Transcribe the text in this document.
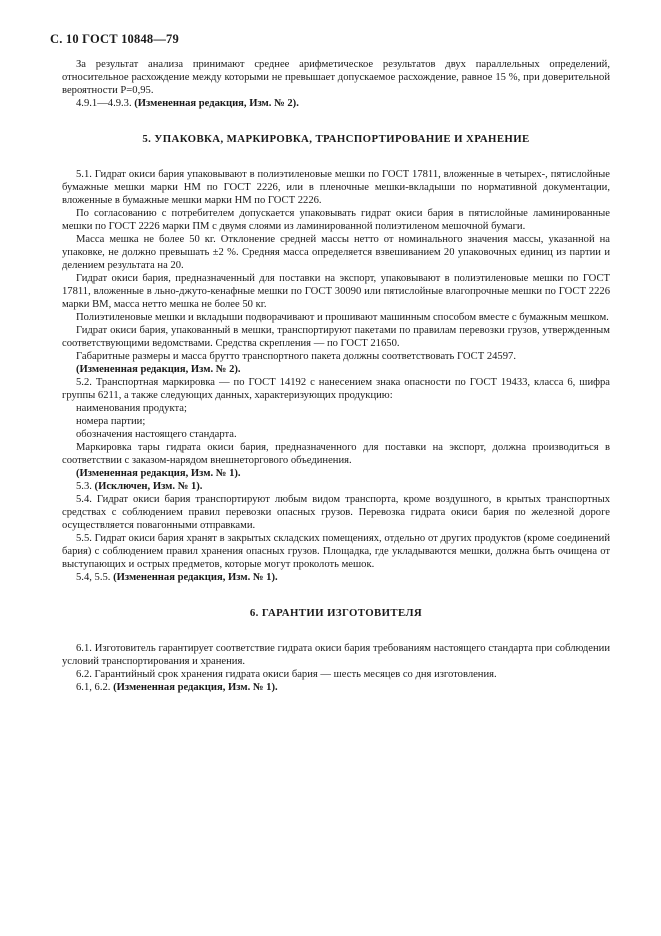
С. 10 ГОСТ 10848—79

За результат анализа принимают среднее арифметическое результатов двух параллельных определений, относительное расхождение между которыми не превышает допускаемое расхождение, равное 15 %, при доверительной вероятности P=0,95.

4.9.1—4.9.3. (Измененная редакция, Изм. № 2).

5. УПАКОВКА, МАРКИРОВКА, ТРАНСПОРТИРОВАНИЕ И ХРАНЕНИЕ

5.1. Гидрат окиси бария упаковывают в полиэтиленовые мешки по ГОСТ 17811, вложенные в четырех-, пятислойные бумажные мешки марки НМ по ГОСТ 2226, или в пленочные мешки-вкладыши по нормативной документации, вложенные в бумажные мешки марки НМ по ГОСТ 2226.

По согласованию с потребителем допускается упаковывать гидрат окиси бария в пятислойные ламинированные мешки по ГОСТ 2226 марки ПМ с двумя слоями из ламинированной полиэтиленом мешочной бумаги.

Масса мешка не более 50 кг. Отклонение средней массы нетто от номинального значения массы, указанной на упаковке, не должно превышать ±2 %. Средняя масса определяется взвешиванием 20 упаковочных единиц из партии и делением результата на 20.

Гидрат окиси бария, предназначенный для поставки на экспорт, упаковывают в полиэтиленовые мешки по ГОСТ 17811, вложенные в льно-джуто-кенафные мешки по ГОСТ 30090 или пятислойные влагопрочные мешки по ГОСТ 2226 марки ВМ, масса нетто мешка не более 50 кг.

Полиэтиленовые мешки и вкладыши подворачивают и прошивают машинным способом вместе с бумажным мешком.

Гидрат окиси бария, упакованный в мешки, транспортируют пакетами по правилам перевозки грузов, утвержденным соответствующими ведомствами. Средства скрепления — по ГОСТ 21650.

Габаритные размеры и масса брутто транспортного пакета должны соответствовать ГОСТ 24597.

(Измененная редакция, Изм. № 2).

5.2. Транспортная маркировка — по ГОСТ 14192 с нанесением знака опасности по ГОСТ 19433, класса 6, шифра группы 6211, а также следующих данных, характеризующих продукцию:

наименования продукта;

номера партии;

обозначения настоящего стандарта.

Маркировка тары гидрата окиси бария, предназначенного для поставки на экспорт, должна производиться в соответствии с заказом-нарядом внешнеторгового объединения.

(Измененная редакция, Изм. № 1).

5.3. (Исключен, Изм. № 1).

5.4. Гидрат окиси бария транспортируют любым видом транспорта, кроме воздушного, в крытых транспортных средствах с соблюдением правил перевозки опасных грузов. Перевозка гидрата окиси бария по железной дороге осуществляется повагонными отправками.

5.5. Гидрат окиси бария хранят в закрытых складских помещениях, отдельно от других продуктов (кроме соединений бария) с соблюдением правил хранения опасных грузов. Площадка, где укладываются мешки, должна быть очищена от выступающих и острых предметов, которые могут проколоть мешок.

5.4, 5.5. (Измененная редакция, Изм. № 1).

6. ГАРАНТИИ ИЗГОТОВИТЕЛЯ

6.1. Изготовитель гарантирует соответствие гидрата окиси бария требованиям настоящего стандарта при соблюдении условий транспортирования и хранения.

6.2. Гарантийный срок хранения гидрата окиси бария — шесть месяцев со дня изготовления.

6.1, 6.2. (Измененная редакция, Изм. № 1).
